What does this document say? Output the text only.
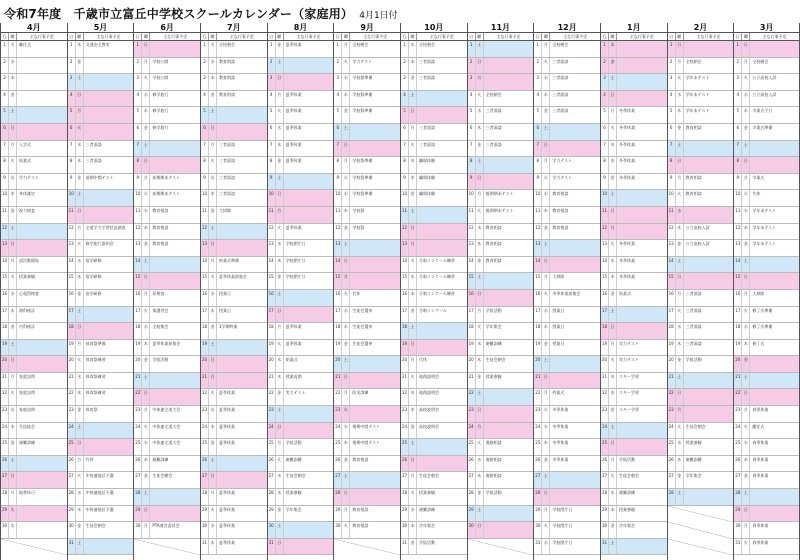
令和7年度　千歳市立富丘中学校スクールカレンダー（家庭用） 4月1日付
4月
日	曜	主な行事予定
1	火	離任式
2	水
3	木
4	金
5	土
6	日
7	月	入学式
8	火	始業式
9	水	学力テスト
10 木	身体測定
11 金	視力検査
12 土
13 日
14 月	部活動開始
15 火	授業参観
16 水	心電図検査
17 木	歯科検診
18 金	内科検診
19 土
20 日
21 月	家庭訪問
22 火	家庭訪問
23 水	家庭訪問
24 木	生徒総会
25 金	避難訓練
26 土
27 日
28 月	振替休日
29 火
30 水
5月
日	曜	主な行事予定
1	木	交通安全教室
2	金
3	土
4	日
5	月
6	火
7	水	三者面談
8	木	三者面談
9	金	前期中間テスト
10 土
11 日
12 月	全道学力学習状況調査
13 火	修学旅行説明会
14 水	宿泊研修
15 木	宿泊研修
16 金	宿泊研修
17 土
18 日
19 月	体育祭準備
20 火	体育祭練習
21 水	体育祭練習
22 木	体育祭練習
23 金	体育祭
24 土
25 日
26 月	代休
27 火	中体連地区予選
28 水	中体連地区予選
29 木	中体連地区予選
30 金	生徒会朝会
31 土
6月
日	曜	主な行事予定
1	日
2	月	学校公開
3	火	学校公開
4	水	修学旅行
5	木	修学旅行
6	金	修学旅行
7	土
8	日
9	月	前期期末テスト
10 火	前期期末テスト
11 水	教育相談
12 木	教育相談
13 金	教育相談
14 土
15 日
16 月	尿検査
17 火	保護者会
18 水	全校集会
19 木	夏季休業前集会
20 金	学級活動
21 土
22 日
23 月	中体連全道大会
24 火	中体連全道大会
25 水	中体連全道大会
26 木	避難訓練
27 金	生徒会朝会
28 土
29 日
30 月	PTA運営委員会
7月
日	曜	主な行事予定
1	火	全校朝会
2	水	教育相談
3	木	教育相談
4	金	教育相談
5	土
6	日
7	月	三者面談
8	火	三者面談
9	水	三者面談
10 木	三者面談
11 金	大掃除
12 土
13 日
14 月	終業式準備
15 火	夏季休業前集会
16 水	授業日
17 木	授業日
18 金	1学期終業
19 土
20 日
21 月
22 火	夏季休業
23 水	夏季休業
24 木	夏季休業
25 金	夏季休業
26 土
27 日
28 月	夏季休業
29 火	夏季休業
30 水	夏季休業
31 木	夏季休業
8月
日	曜	主な行事予定
1	金	夏季休業
2	土
3	日
4	月	夏季休業
5	火	夏季休業
6	水	夏季休業
7	木	夏季休業
8	金	夏季休業
9	土
10 日
11 月
12 火	夏季休業
13 水	学校閉庁日
14 木	学校閉庁日
15 金	学校閉庁日
16 土
17 日
18 月	夏季休業
19 火	夏季休業
20 水	始業式
21 木	授業再開
22 金	実力テスト
23 土
24 日
25 月	学級活動
26 火	避難訓練
27 水	生徒会朝会
28 木	授業参観
29 金	学年集会
30 土
31 日
9月
日	曜	主な行事予定
1	月	全校朝会
2	火	学力テスト
3	水	学校祭準備
4	木	学校祭準備
5	金	学校祭準備
6	土
7	日
8	月	学校祭準備
9	火	学校祭準備
10 水	学校祭準備
11 木	学校祭
12 金	学校祭
13 土
14 日
15 月
16 火	代休
17 水	生徒会選挙
18 木	生徒会選挙
19 金	生徒会選挙
20 土
21 日
22 月	防災訓練
23 火
24 水	後期中間テスト
25 木	後期中間テスト
26 金	教育相談
27 土
28 日
29 月	教育相談
30 火	教育相談
10月
日	曜	主な行事予定
1	水	全校朝会
2	木	三者面談
3	金	三者面談
4	土
5	日
6	月	三者面談
7	火	三者面談
8	水	職場体験
9	木	職場体験
10 金	職場体験
11 土
12 日
13 月
14 火	合唱コンクール練習
15 水	合唱コンクール練習
16 木	合唱コンクール練習
17 金	合唱コンクール
18 土
19 日
20 月	代休
21 火	進路説明会
22 水	進路説明会
23 木	高校説明会
24 金	高校説明会
25 土
26 日
27 月	生徒会朝会
28 火	授業参観
29 水	避難訓練
30 木	学年集会
31 金	学級活動
11月
日	曜	主な行事予定
1	土
2	日
3	月
4	火	全校朝会
5	水	三者面談
6	木	三者面談
7	金	三者面談
8	土
9	日
10 月	後期期末テスト
11 火	後期期末テスト
12 水	教育相談
13 木	教育相談
14 金	教育相談
15 土
16 日
17 月	学級活動
18 火	学年集会
19 水	避難訓練
20 木	生徒会朝会
21 金	授業参観
22 土
23 日
24 月
25 火	進路相談
26 水	進路相談
27 木	進路相談
28 金	学級活動
29 土
30 日
12月
日	曜	主な行事予定
1	月	全校朝会
2	火	三者面談
3	水	三者面談
4	木	三者面談
5	金	三者面談
6	土
7	日
8	月	学力テスト
9	火	学力テスト
10 水	教育相談
11 木	教育相談
12 金	教育相談
13 土
14 日
15 月	大掃除
16 火	冬季休業前集会
17 水	授業日
18 木	授業日
19 金	授業日
20 土
21 日
22 月	終業式
23 火	冬季休業
24 水	冬季休業
25 木	冬季休業
26 金	冬季休業
27 土
28 日
29 月	学校閉庁日
30 火	学校閉庁日
31 水	学校閉庁日
1月
日	曜	主な行事予定
1	木
2	金
3	土
4	日
5	月	冬季休業
6	火	冬季休業
7	水	冬季休業
8	木	冬季休業
9	金	冬季休業
10 土
11 日
12 月
13 火	冬季休業
14 水	冬季休業
15 木	冬季休業
16 金	始業式
17 土
18 日
19 月	実力テスト
20 火	実力テスト
21 水	スキー学習
22 木	スキー学習
23 金	スキー学習
24 土
25 日
26 月	学級活動
27 火	生徒会朝会
28 水	避難訓練
29 木	授業参観
30 金	学年集会
31 土
2月
日	曜	主な行事予定
1	日
2	月	全校朝会
3	火	学年末テスト
4	水	学年末テスト
5	木	学年末テスト
6	金	教育相談
7	土
8	日
9	月	教育相談
10 火	教育相談
11 水
12 木	公立高校入試
13 金	公立高校入試
14 土
15 日
16 月	三者面談
17 火	三者面談
18 水	三者面談
19 木	三者面談
20 金	学級活動
21 土
22 日
23 月
24 火	生徒会朝会
25 水	授業参観
26 木	避難訓練
27 金	学年集会
28 土
3月
日	曜	主な行事予定
1	日
2	月	全校朝会
3	火	公立高校入試
4	水	公立高校入試
5	木	卒業式予行
6	金	卒業式準備
7	土
8	日
9	月	卒業式
10 火	代休
11 水	学年末テスト
12 木	学年末テスト
13 金	学年末テスト
14 土
15 日
16 月	大掃除
17 火	修了式準備
18 水	修了式準備
19 木	修了式
20 金
21 土
22 日
23 月	春季休業
24 火	離任式
25 水	春季休業
26 木	春季休業
27 金	春季休業
28 土
29 日
30 月	春季休業
31 火	春季休業
